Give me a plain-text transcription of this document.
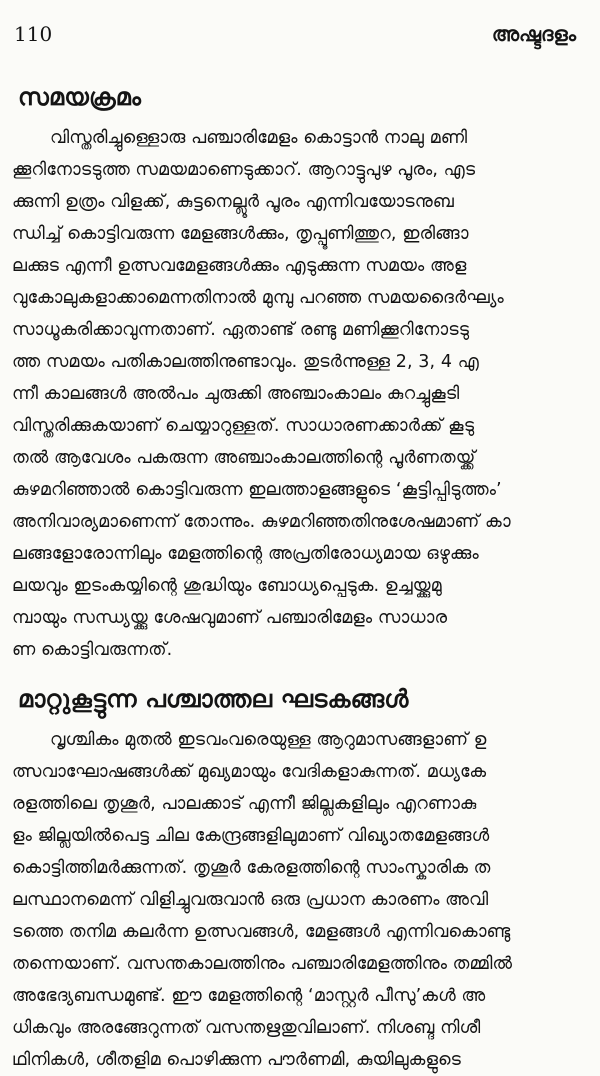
110	അഷ്ടദളം
സമയക്രമം
വിസ്തരിച്ചുള്ളൊരു പഞ്ചാരിമേളം കൊട്ടാൻ നാലു മണി
ക്കൂറിനോടടുത്ത സമയമാണെടുക്കാറ്. ആറാട്ടുപുഴ പൂരം, എട
ക്കുന്നി ഉത്രം വിളക്ക്, കുട്ടനെല്ലൂർ പൂരം എന്നിവയോടനുബ
ന്ധിച്ച് കൊട്ടിവരുന്ന മേളങ്ങൾക്കും, തൃപ്പൂണിത്തുറ, ഇരിങ്ങാ
ലക്കുട എന്നീ ഉത്സവമേളങ്ങൾക്കും എടുക്കുന്ന സമയം അള
വുകോലുകളാക്കാമെന്നതിനാൽ മുമ്പു പറഞ്ഞ സമയദൈർഘ്യം
സാധൂകരിക്കാവുന്നതാണ്. ഏതാണ്ട് രണ്ടു മണിക്കൂറിനോടടു
ത്ത സമയം പതികാലത്തിനുണ്ടാവും. തുടർന്നുള്ള 2, 3, 4 എ
ന്നീ കാലങ്ങൾ അൽപം ചുരുക്കി അഞ്ചാംകാലം കുറച്ചുകൂടി
വിസ്തരിക്കുകയാണ് ചെയ്യാറുള്ളത്. സാധാരണക്കാർക്ക് കൂടു
തൽ ആവേശം പകരുന്ന അഞ്ചാംകാലത്തിന്റെ പൂർണതയ്ക്ക്
കുഴമറിഞ്ഞാൽ കൊട്ടിവരുന്ന ഇലത്താളങ്ങളുടെ ‘കൂട്ടിപ്പിടുത്തം’
അനിവാര്യമാണെന്ന് തോന്നും. കുഴമറിഞ്ഞതിനുശേഷമാണ് കാ
ലങ്ങളോരോന്നിലും മേളത്തിന്റെ അപ്രതിരോധ്യമായ ഒഴുക്കും
ലയവും ഇടംകയ്യിന്റെ ശുദ്ധിയും ബോധ്യപ്പെടുക. ഉച്ചയ്ക്കുമു
മ്പായും സന്ധ്യയ്ക്കു ശേഷവുമാണ് പഞ്ചാരിമേളം സാധാര
ണ കൊട്ടിവരുന്നത്.
മാറ്റുകൂട്ടുന്ന പശ്ചാത്തല ഘടകങ്ങൾ
വൃശ്ചികം മുതൽ ഇടവംവരെയുള്ള ആറുമാസങ്ങളാണ് ഉ
ത്സവാഘോഷങ്ങൾക്ക് മുഖ്യമായും വേദികളാകുന്നത്. മധ്യകേ
രളത്തിലെ തൃശൂർ, പാലക്കാട് എന്നീ ജില്ലകളിലും എറണാകു
ളം ജില്ലയിൽപെട്ട ചില കേന്ദ്രങ്ങളിലുമാണ് വിഖ്യാതമേളങ്ങൾ
കൊട്ടിത്തിമർക്കുന്നത്. തൃശൂർ കേരളത്തിന്റെ സാംസ്കാരിക ത
ലസ്ഥാനമെന്ന് വിളിച്ചുവരുവാൻ ഒരു പ്രധാന കാരണം അവി
ടത്തെ തനിമ കലർന്ന ഉത്സവങ്ങൾ, മേളങ്ങൾ എന്നിവകൊണ്ടു
തന്നെയാണ്. വസന്തകാലത്തിനും പഞ്ചാരിമേളത്തിനും തമ്മിൽ
അഭേദ്യബന്ധമുണ്ട്. ഈ മേളത്തിന്റെ ‘മാസ്റ്റർ പീസു’കൾ അ
ധികവും അരങ്ങേറുന്നത് വസന്തഋതുവിലാണ്. നിശബ്ദ നിശീ
ഥിനികൾ, ശീതളിമ പൊഴിക്കുന്ന പൗർണമി, കുയിലുകളുടെ
